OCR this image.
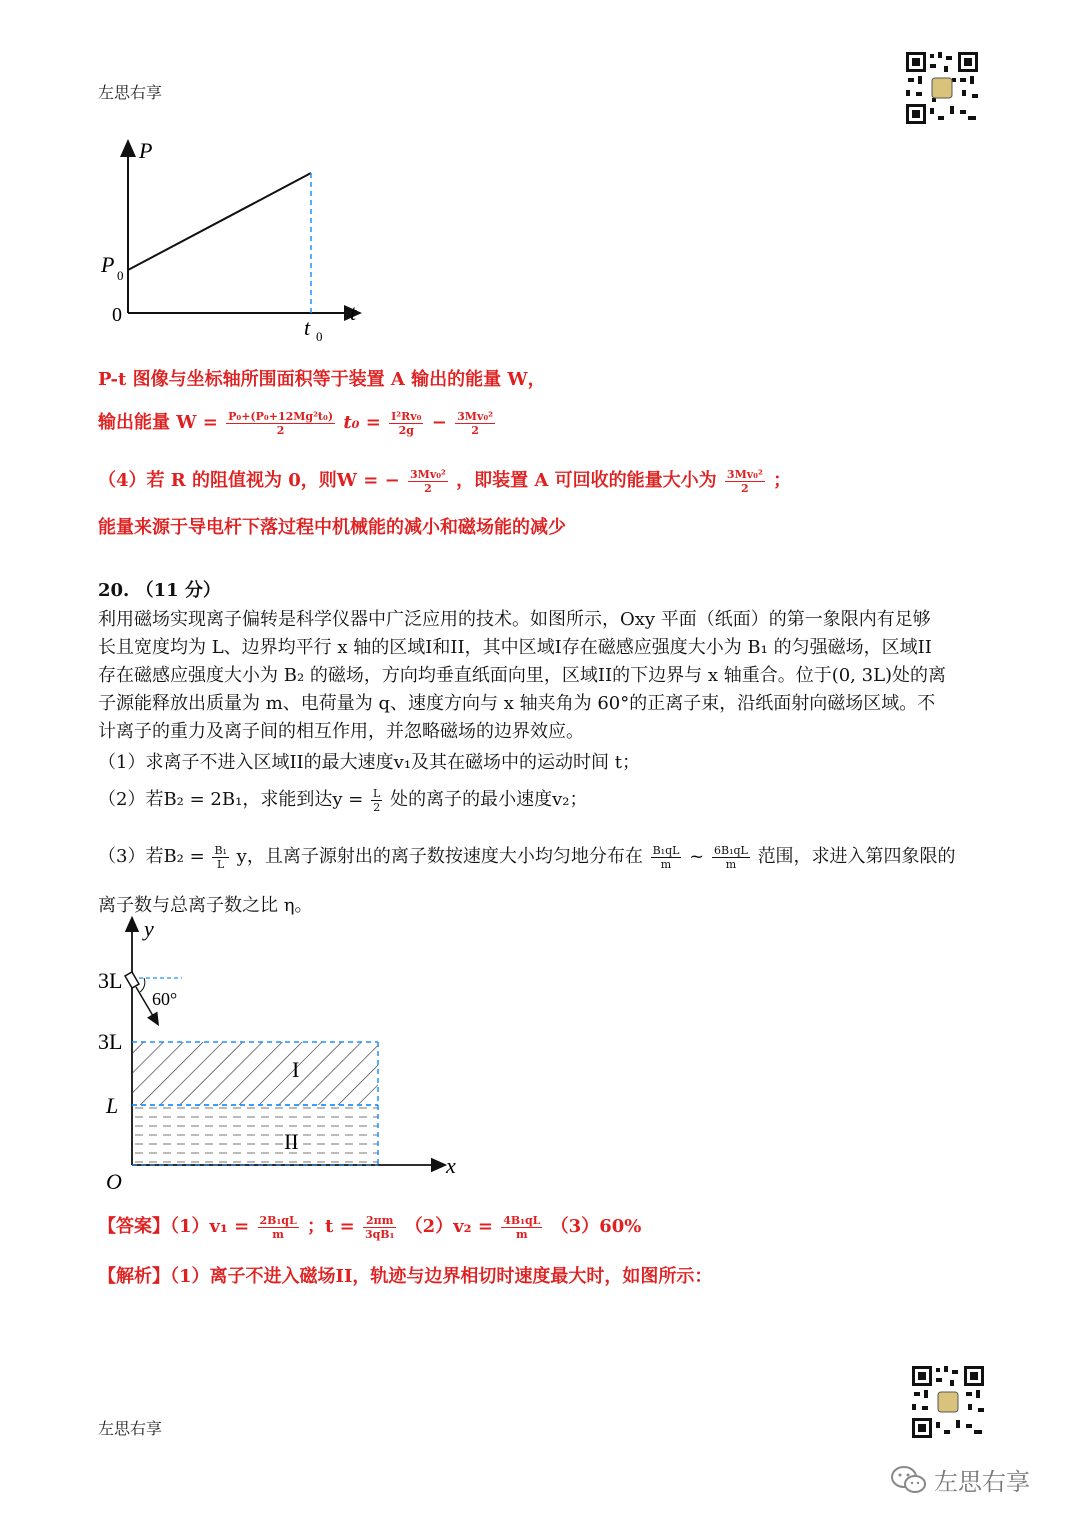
左思右享
P
t
0
P 0
t 0
P-t 图像与坐标轴所围面积等于装置 A 输出的能量 W，
输出能量 $W = \frac{\text{P₀+(P₀+12Mg²t₀)}}{2} t_0 = \frac{\text{I²Rv₀}}{2g} - \frac{\text{3Mv₀²}}{2}$
（4）若 R 的阻值视为 0，则W = − $\frac{\text{3Mv₀²}}{2}$ ，即装置 A 可回收的能量大小为 $\frac{\text{3Mv₀²}}{2}$ ；
能量来源于导电杆下落过程中机械能的减小和磁场能的减少
20. （11 分）
利用磁场实现离子偏转是科学仪器中广泛应用的技术。如图所示，Oxy 平面（纸面）的第一象限内有足够
长且宽度均为 L、边界均平行 x 轴的区域I和II，其中区域I存在磁感应强度大小为 B₁ 的匀强磁场，区域II
存在磁感应强度大小为 B₂ 的磁场，方向均垂直纸面向里，区域II的下边界与 x 轴重合。位于(0, 3L)处的离
子源能释放出质量为 m、电荷量为 q、速度方向与 x 轴夹角为 60°的正离子束，沿纸面射向磁场区域。不
计离子的重力及离子间的相互作用，并忽略磁场的边界效应。
（1）求离子不进入区域II的最大速度v₁及其在磁场中的运动时间 t；
（2）若B₂ = 2B₁，求能到达$y = \frac{L}{2}$ 处的离子的最小速度v₂；
（3）若$B_2 = \frac{\text{B₁}}{L}$ y，且离子源射出的离子数按速度大小均匀地分布在 $\frac{\text{B₁qL}}{m}$ ~ $\frac{\text{6B₁qL}}{m}$ 范围，求进入第四象限的
离子数与总离子数之比 η。
y
x
O
3L
3L
L
60°
I
II
【答案】$(1)v_1 = \frac{\text{2B₁qL}}{m}$ ；$t = \frac{2\pi m}{\text{3qB₁}} (2)v_2 = \frac{\text{4B₁qL}}{m} (3)60\%$
【解析】（1）离子不进入磁场II，轨迹与边界相切时速度最大时，如图所示：
左思右享
左思右享
